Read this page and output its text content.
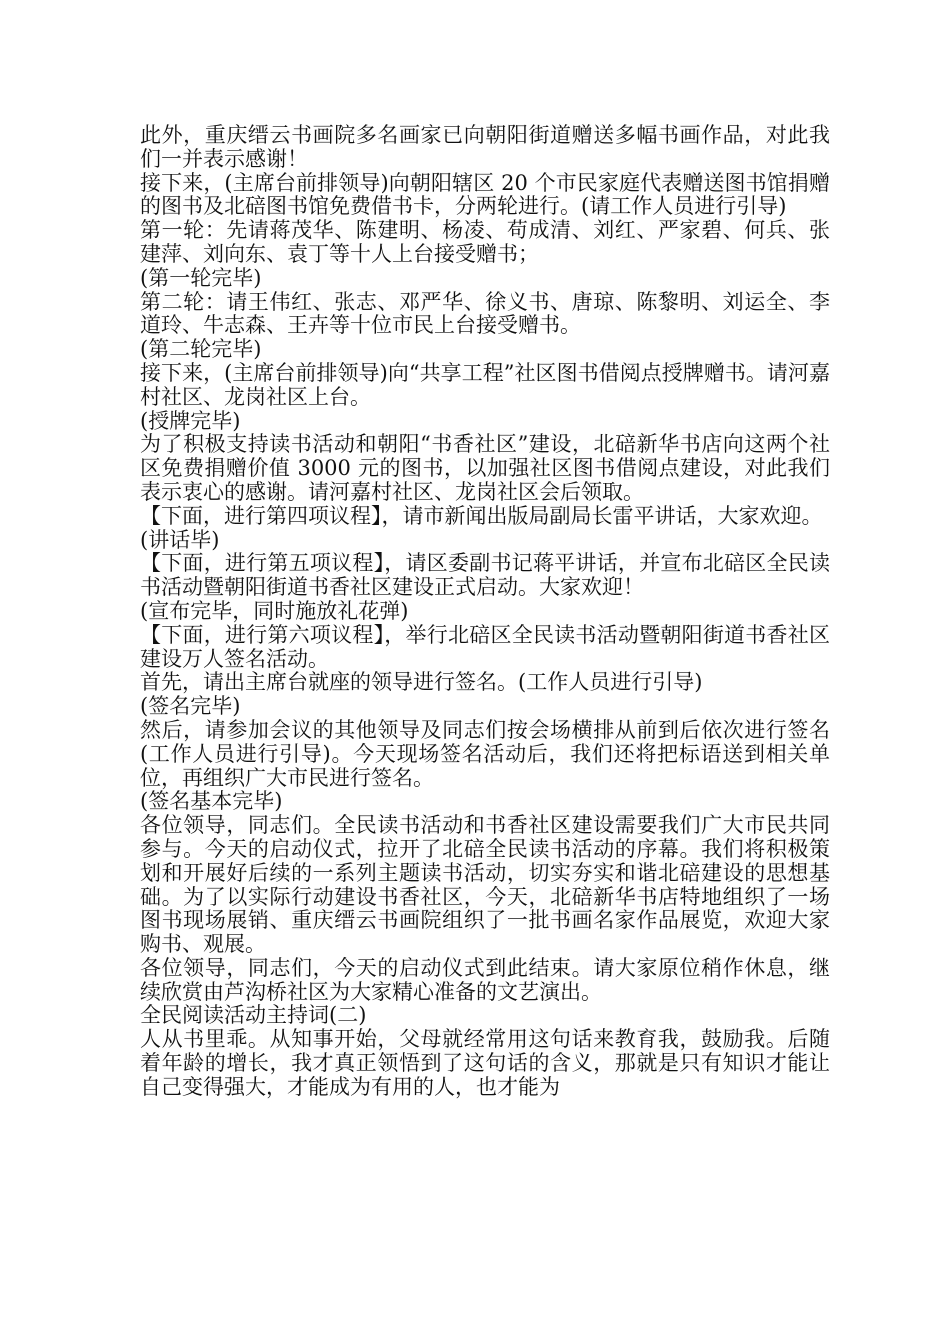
此外，重庆缙云书画院多名画家已向朝阳街道赠送多幅书画作品，对此我们一并表示感谢！

接下来，(主席台前排领导)向朝阳辖区 20 个市民家庭代表赠送图书馆捐赠的图书及北碚图书馆免费借书卡，分两轮进行。(请工作人员进行引导)

第一轮：先请蒋茂华、陈建明、杨凌、苟成清、刘红、严家碧、何兵、张建萍、刘向东、袁丁等十人上台接受赠书；

(第一轮完毕)

第二轮：请王伟红、张志、邓严华、徐义书、唐琼、陈黎明、刘运全、李道玲、牛志森、王卉等十位市民上台接受赠书。

(第二轮完毕)

接下来，(主席台前排领导)向“共享工程”社区图书借阅点授牌赠书。请河嘉村社区、龙岗社区上台。

(授牌完毕)

为了积极支持读书活动和朝阳“书香社区”建设，北碚新华书店向这两个社区免费捐赠价值 3000 元的图书，以加强社区图书借阅点建设，对此我们表示衷心的感谢。请河嘉村社区、龙岗社区会后领取。

【下面，进行第四项议程】，请市新闻出版局副局长雷平讲话，大家欢迎。

(讲话毕)

【下面，进行第五项议程】，请区委副书记蒋平讲话，并宣布北碚区全民读书活动暨朝阳街道书香社区建设正式启动。大家欢迎！

(宣布完毕，同时施放礼花弹)

【下面，进行第六项议程】，举行北碚区全民读书活动暨朝阳街道书香社区建设万人签名活动。

首先，请出主席台就座的领导进行签名。(工作人员进行引导)

(签名完毕)

然后，请参加会议的其他领导及同志们按会场横排从前到后依次进行签名(工作人员进行引导)。今天现场签名活动后，我们还将把标语送到相关单位，再组织广大市民进行签名。

(签名基本完毕)

各位领导，同志们。全民读书活动和书香社区建设需要我们广大市民共同参与。今天的启动仪式，拉开了北碚全民读书活动的序幕。我们将积极策划和开展好后续的一系列主题读书活动，切实夯实和谐北碚建设的思想基础。为了以实际行动建设书香社区，今天，北碚新华书店特地组织了一场图书现场展销、重庆缙云书画院组织了一批书画名家作品展览，欢迎大家购书、观展。

各位领导，同志们，今天的启动仪式到此结束。请大家原位稍作休息，继续欣赏由芦沟桥社区为大家精心准备的文艺演出。

全民阅读活动主持词(二)

人从书里乖。从知事开始，父母就经常用这句话来教育我，鼓励我。后随着年龄的增长，我才真正领悟到了这句话的含义，那就是只有知识才能让自己变得强大，才能成为有用的人，也才能为
